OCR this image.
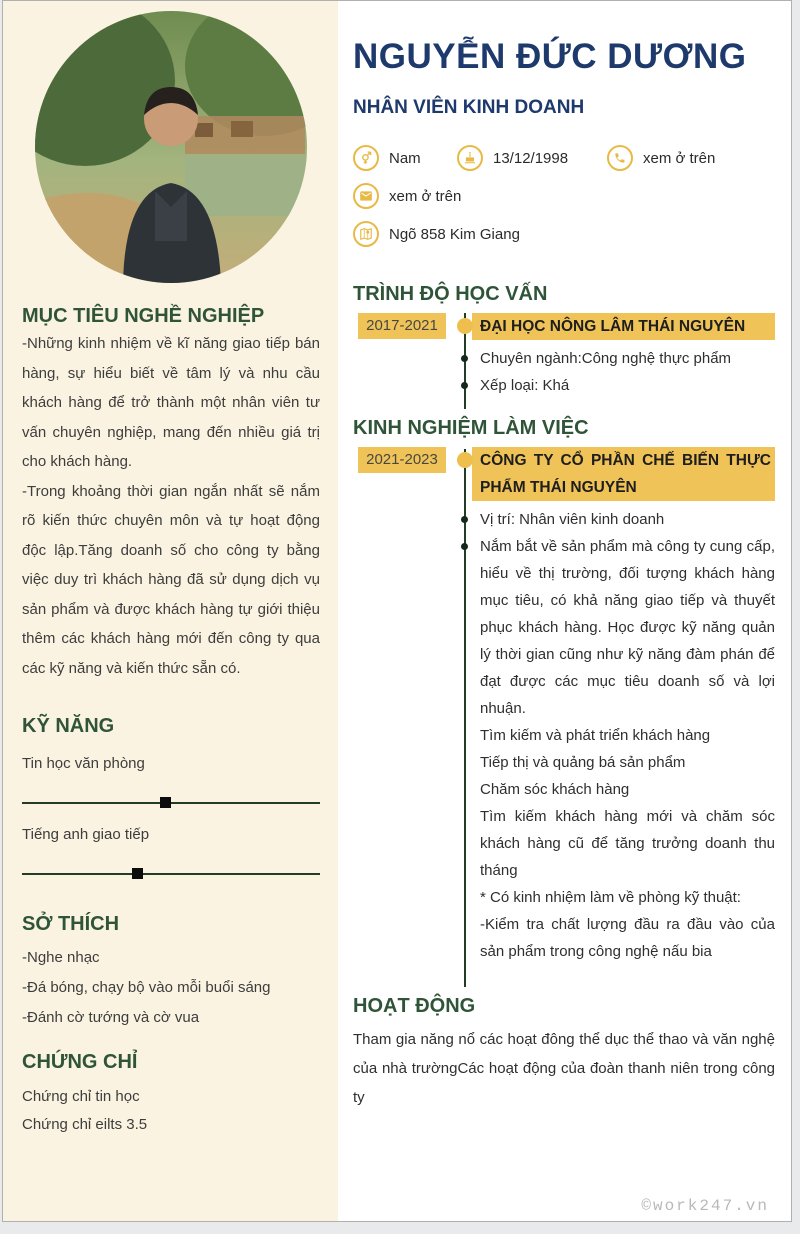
MỤC TIÊU NGHỀ NGHIỆP

-Những kinh nhiệm về kĩ năng giao tiếp bán hàng, sự hiểu biết về tâm lý và nhu cầu khách hàng để trở thành một nhân viên tư vấn chuyên nghiệp, mang đến nhiều giá trị cho khách hàng.

-Trong khoảng thời gian ngắn nhất sẽ nắm rõ kiến thức chuyên môn và tự hoạt động độc lập.Tăng doanh số cho công ty bằng việc duy trì khách hàng đã sử dụng dịch vụ sản phẩm và được khách hàng tự giới thiệu thêm các khách hàng mới đến công ty qua các kỹ năng và kiến thức sẵn có.

KỸ NĂNG
Tin học văn phòng
Tiếng anh giao tiếp
SỞ THÍCH
-Nghe nhạc
-Đá bóng, chạy bộ vào mỗi buổi sáng
-Đánh cờ tướng và cờ vua
CHỨNG CHỈ
Chứng chỉ tin học
Chứng chỉ eilts 3.5
NGUYỄN ĐỨC DƯƠNG
NHÂN VIÊN KINH DOANH
Nam	13/12/1998	xem ở trên
xem ở trên
Ngõ 858 Kim Giang
TRÌNH ĐỘ HỌC VẤN
2017-2021	ĐẠI HỌC NÔNG LÂM THÁI NGUYÊN
Chuyên ngành:Công nghệ thực phẩm
Xếp loại: Khá
KINH NGHIỆM LÀM VIỆC
2021-2023	CÔNG TY CỔ PHẦN CHẾ BIẾN THỰC PHẨM THÁI NGUYÊN
Vị trí: Nhân viên kinh doanh
Nắm bắt về sản phẩm mà công ty cung cấp, hiểu về thị trường, đối tượng khách hàng mục tiêu, có khả năng giao tiếp và thuyết phục khách hàng. Học được kỹ năng quản lý thời gian cũng như kỹ năng đàm phán để đạt được các mục tiêu doanh số và lợi nhuận.
Tìm kiếm và phát triển khách hàng
Tiếp thị và quảng bá sản phẩm
Chăm sóc khách hàng
Tìm kiếm khách hàng mới và chăm sóc khách hàng cũ để tăng trưởng doanh thu tháng
* Có kinh nhiệm làm về phòng kỹ thuật:
-Kiểm tra chất lượng đầu ra đầu vào của sản phẩm trong công nghệ nấu bia
HOẠT ĐỘNG
Tham gia năng nổ các hoạt đông thể dục thể thao và văn nghệ của nhà trườngCác hoạt động của đoàn thanh niên trong công ty
©work247.vn
